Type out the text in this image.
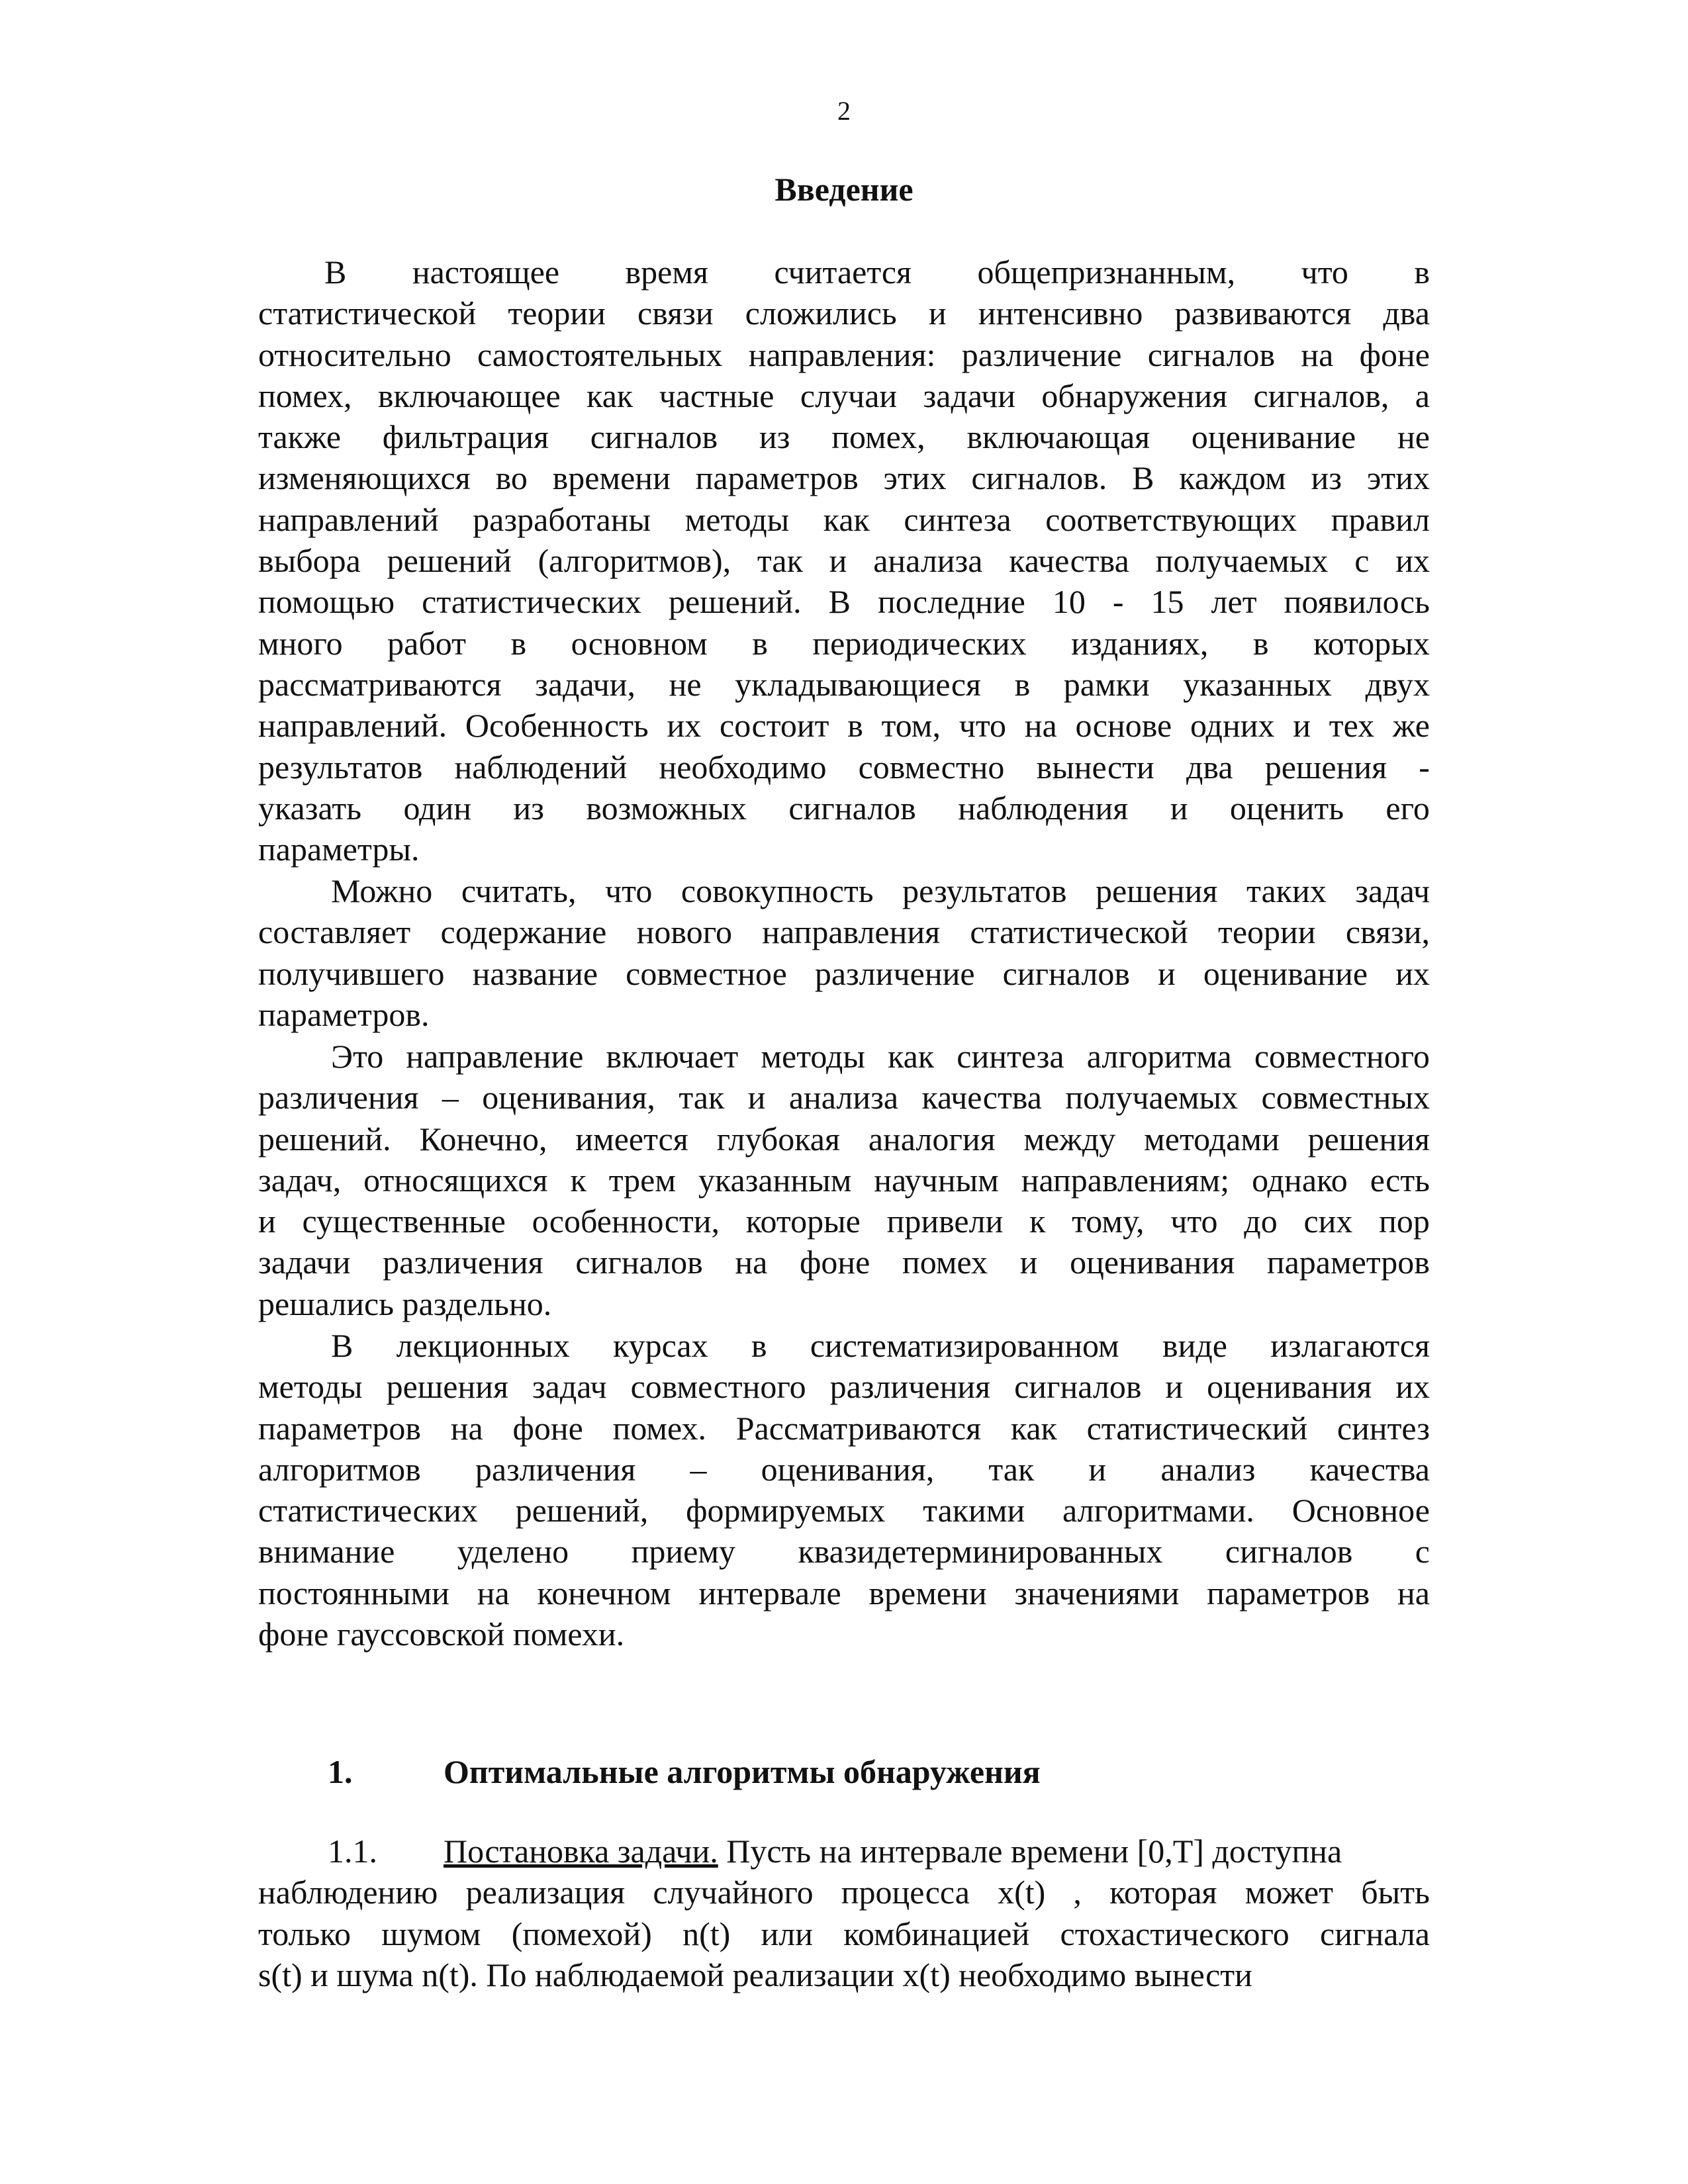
2
Введение
В настоящее время считается общепризнанным, что в
статистической теории связи сложились и интенсивно развиваются два
относительно самостоятельных направления: различение сигналов на фоне
помех, включающее как частные случаи задачи обнаружения сигналов, а
также фильтрация сигналов из помех, включающая оценивание не
изменяющихся во времени параметров этих сигналов. В каждом из этих
направлений разработаны методы как синтеза соответствующих правил
выбора решений (алгоритмов), так и анализа качества получаемых с их
помощью статистических решений. В последние 10 - 15 лет появилось
много работ в основном в периодических изданиях, в которых
рассматриваются задачи, не укладывающиеся в рамки указанных двух
направлений. Особенность их состоит в том, что на основе одних и тех же
результатов наблюдений необходимо совместно вынести два решения -
указать один из возможных сигналов наблюдения и оценить его
параметры.
Можно считать, что совокупность результатов решения таких задач
составляет содержание нового направления статистической теории связи,
получившего название совместное различение сигналов и оценивание их
параметров.
Это направление включает методы как синтеза алгоритма совместного
различения – оценивания, так и анализа качества получаемых совместных
решений. Конечно, имеется глубокая аналогия между методами решения
задач, относящихся к трем указанным научным направлениям; однако есть
и существенные особенности, которые привели к тому, что до сих пор
задачи различения сигналов на фоне помех и оценивания параметров
решались раздельно.
В лекционных курсах в систематизированном виде излагаются
методы решения задач совместного различения сигналов и оценивания их
параметров на фоне помех. Рассматриваются как статистический синтез
алгоритмов различения – оценивания, так и анализ качества
статистических решений, формируемых такими алгоритмами. Основное
внимание уделено приему квазидетерминированных сигналов с
постоянными на конечном интервале времени значениями параметров на
фоне гауссовской помехи.
1.	Оптимальные алгоритмы обнаружения
1.1. Постановка задачи. Пусть на интервале времени [0,T] доступна
наблюдению реализация случайного процесса x(t) , которая может быть
только шумом (помехой) n(t) или комбинацией стохастического сигнала
s(t) и шума n(t). По наблюдаемой реализации x(t) необходимо вынести
